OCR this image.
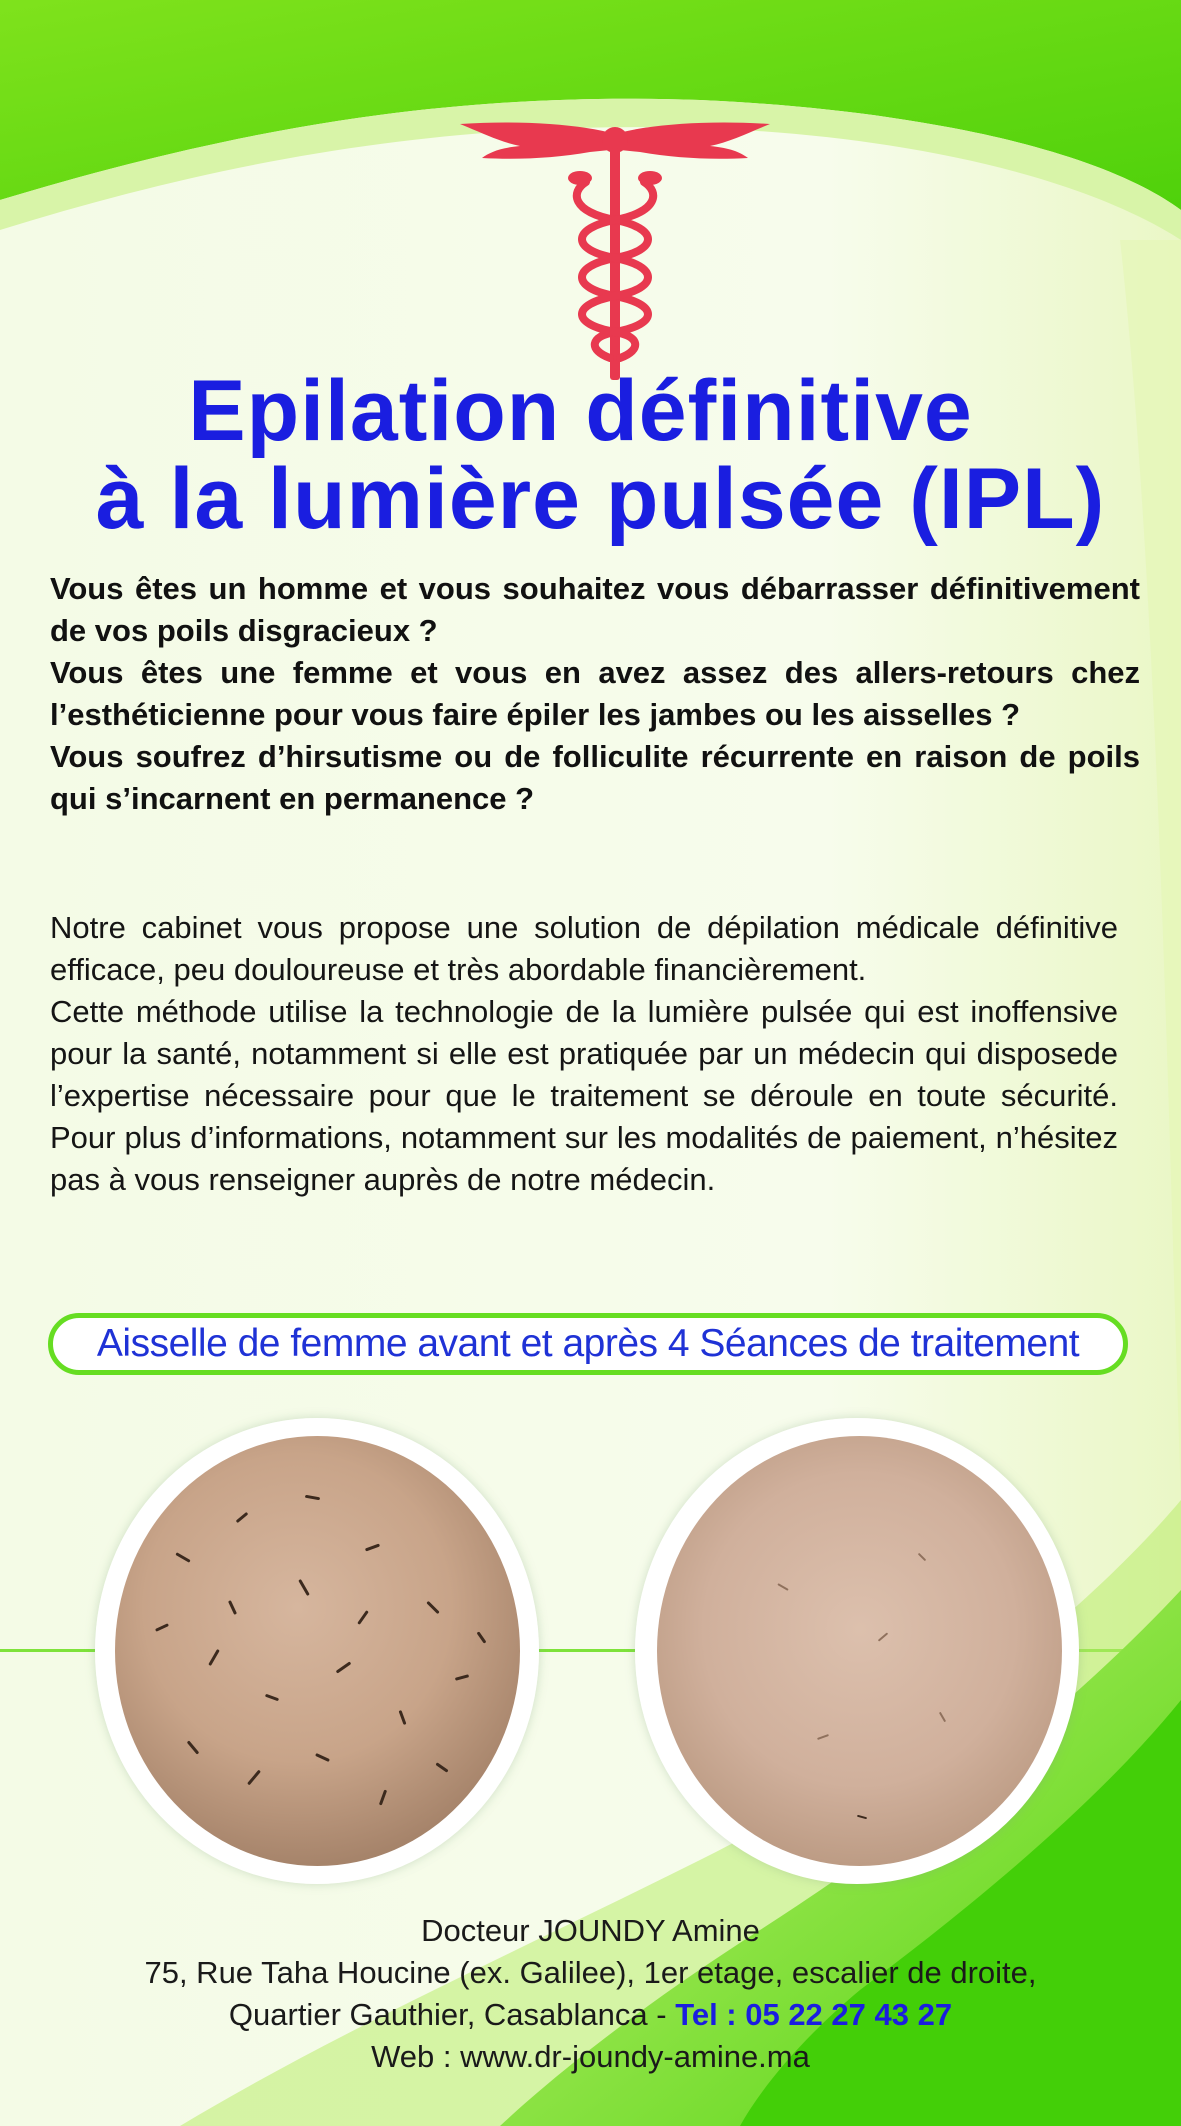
Epilation définitive
à la lumière pulsée (IPL)

Vous êtes un homme et vous souhaitez vous débarrasser définitivement de vos poils disgracieux ?

Vous êtes une femme et vous en avez assez des allers-retours chez l’esthéticienne pour vous faire épiler les jambes ou les aisselles ?

Vous soufrez d’hirsutisme ou de folliculite récurrente en raison de poils qui s’incarnent en permanence ?

Notre cabinet vous propose une solution de dépilation médicale définitive efficace, peu douloureuse et très abordable financièrement.

Cette méthode utilise la technologie de la lumière pulsée qui est inoffensive pour la santé, notamment si elle est pratiquée par un médecin qui disposede l’expertise nécessaire pour que le traitement se déroule en toute sécurité. Pour plus d’informations, notamment sur les modalités de paiement, n’hésitez pas à vous renseigner auprès de notre médecin.

Aisselle de femme avant et après 4 Séances de traitement
Docteur JOUNDY Amine
75, Rue Taha Houcine (ex. Galilee), 1er etage, escalier de droite,
Quartier Gauthier, Casablanca - Tel : 05 22 27 43 27
Web : www.dr-joundy-amine.ma
